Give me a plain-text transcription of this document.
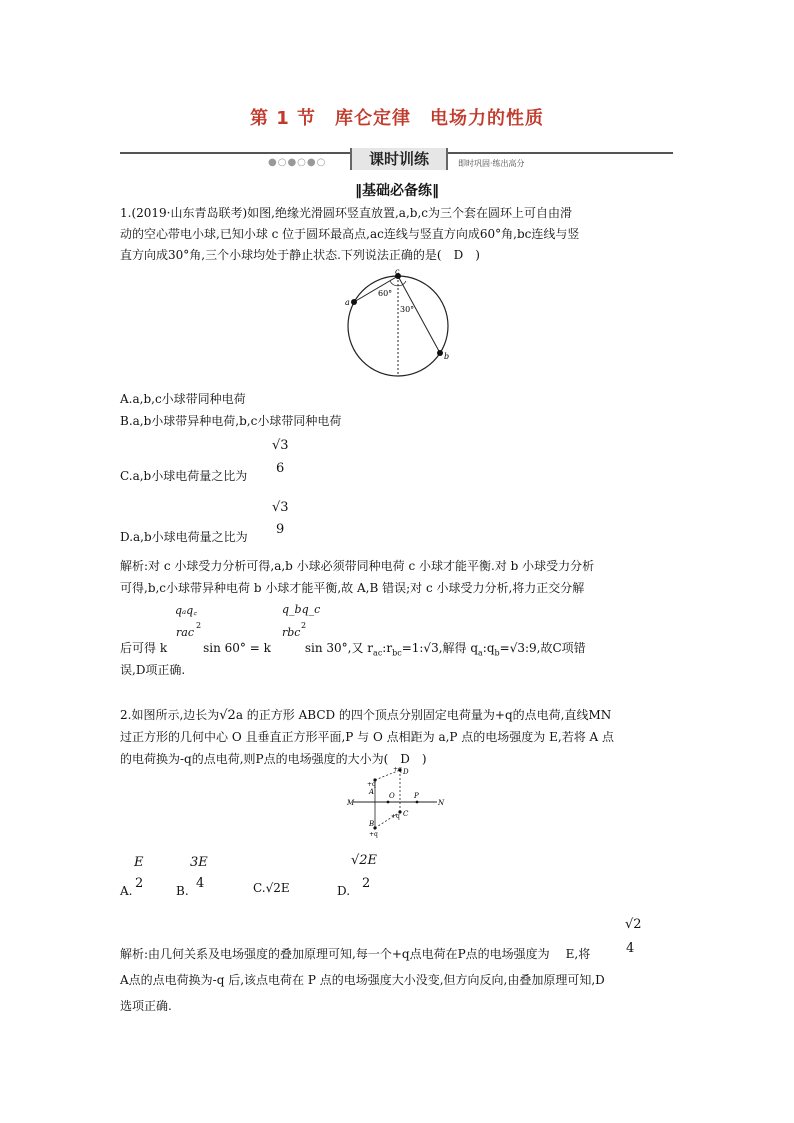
第 1 节　库仑定律　电场力的性质
●○●○●○	课时训练	即时巩固·练出高分
‖基础必备练‖
1.(2019·山东青岛联考)如图,绝缘光滑圆环竖直放置,a,b,c为三个套在圆环上可自由滑
动的空心带电小球,已知小球 c 位于圆环最高点,ac连线与竖直方向成60°角,bc连线与竖
直方向成30°角,三个小球均处于静止状态.下列说法正确的是(　D　)
c
a
b
60°
30°
A.a,b,c小球带同种电荷
B.a,b小球带异种电荷,b,c小球带同种电荷
C.a,b小球电荷量之比为
√3
6
D.a,b小球电荷量之比为
√3
9
解析:对 c 小球受力分析可得,a,b 小球必须带同种电荷 c 小球才能平衡.对 b 小球受力分析
可得,b,c小球带异种电荷 b 小球才能平衡,故 A,B 错误;对 c 小球受力分析,将力正交分解
qₐq꜀
rac
2
q_bq_c
rbc
2
后可得 k	sin 60° = k	sin 30°,又 $r_{ac}:r_{bc}=1:√3$,解得 $q_a:q_b=√3:9$,故C项错
误,D项正确.
2.如图所示,边长为√2a 的正方形 ABCD 的四个顶点分别固定电荷量为+q的点电荷,直线MN
过正方形的几何中心 O 且垂直正方形平面,P 与 O 点相距为 a,P 点的电场强度为 E,若将 A 点
的电荷换为-q的点电荷,则P点的电场强度的大小为(　D　)
+q D
+q
A O	P
M	N
B
+q
+q C
A.
E
2	B.
3E
4	C.√2E	D.
√2E
2
√2
4
解析:由几何关系及电场强度的叠加原理可知,每一个+q点电荷在P点的电场强度为 E,将
A点的点电荷换为-q 后,该点电荷在 P 点的电场强度大小没变,但方向反向,由叠加原理可知,D
选项正确.
